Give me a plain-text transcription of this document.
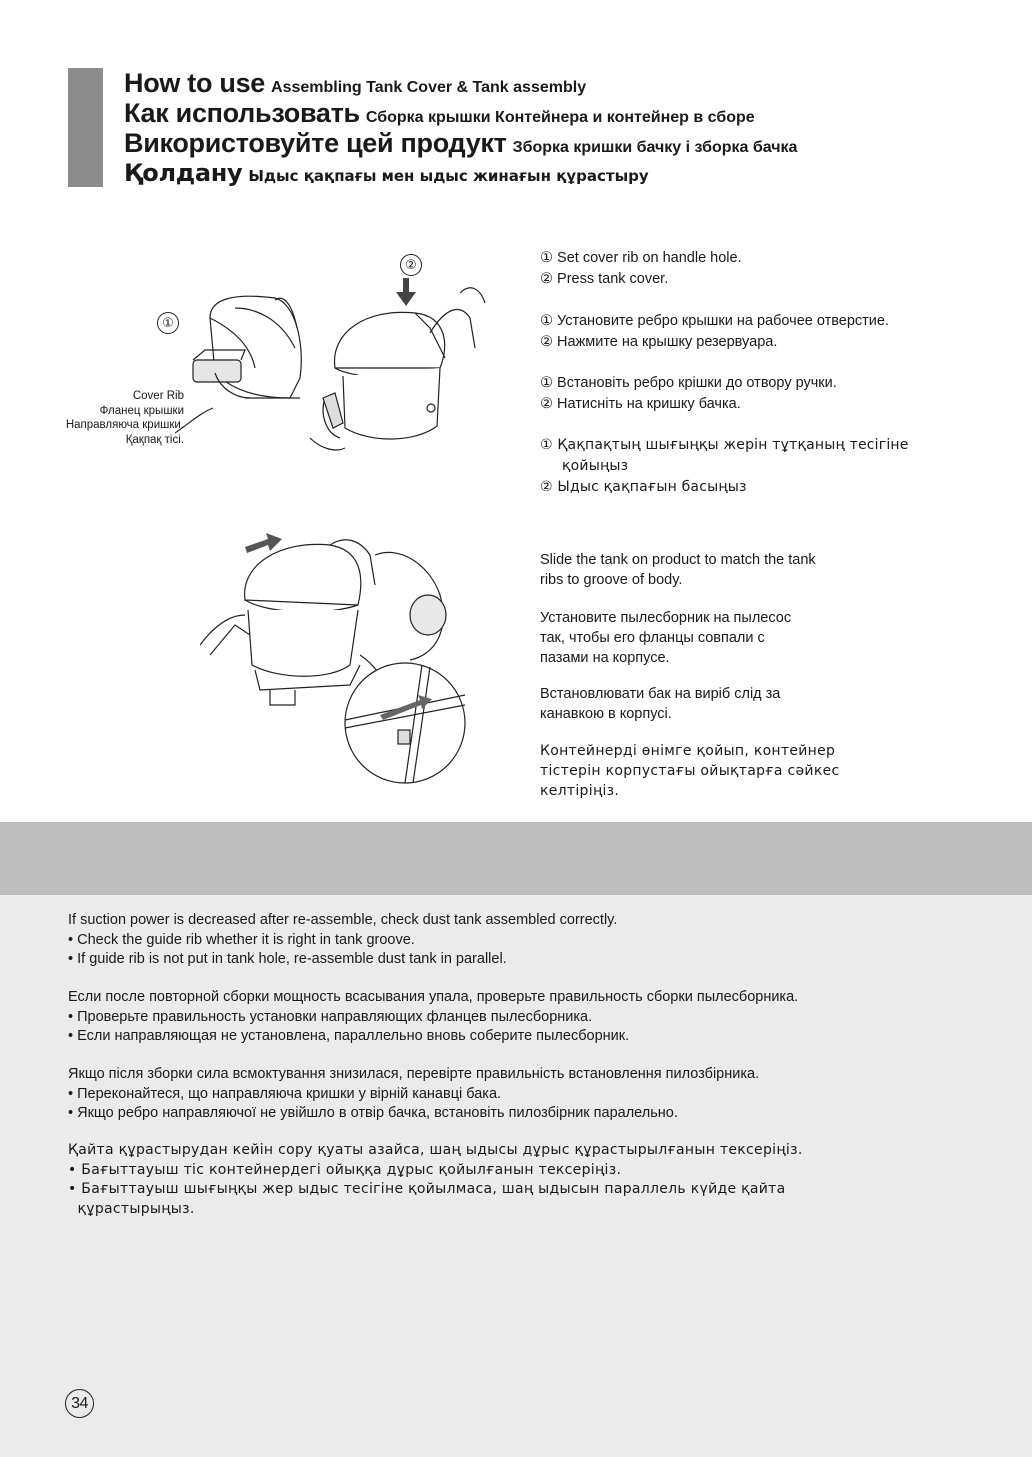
How to use Assembling Tank Cover & Tank assembly
Как использовать Сборка крышки Контейнера и контейнер в сборе
Використовуйте цей продукт Зборка кришки бачку і зборка бачка
Қолдану Ыдыс қақпағы мен ыдыс жинағын құрастыру
①
②
Cover Rib
Фланец крышки
Направляюча кришки.
Қақпақ тісі.
① Set cover rib on handle hole.
② Press tank cover.
① Установите ребро крышки на рабочее отверстие.
② Нажмите на крышку резервуара.
① Встановіть ребро крішки до отвору ручки.
② Натисніть на кришку бачка.
① Қақпақтың шығыңқы жерін тұтқаның тесігіне
қойыңыз
② Ыдыс қақпағын басыңыз
Slide the tank on product to match the tank
ribs to groove of body.
Установите пылесборник на пылесос
так, чтобы его фланцы совпали с
пазами на корпусе.
Встановлювати бак на виріб слід за
канавкою в корпусі.
Контейнерді өнімге қойып, контейнер
тістерін корпустағы ойықтарға сәйкес
келтіріңіз.
If suction power is decreased after re-assemble, check dust tank assembled correctly.
• Check the guide rib whether it is right in tank groove.
• If guide rib is not put in tank hole, re-assemble dust tank in parallel.
Если после повторной сборки мощность всасывания упала, проверьте правильность сборки пылесборника.
• Проверьте правильность установки направляющих фланцев пылесборника.
• Если направляющая не установлена, параллельно вновь соберите пылесборник.
Якщо після зборки сила всмоктування знизилася, перевірте правильність встановлення пилозбірника.
• Переконайтеся, що направляюча кришки у вірній канавці бака.
• Якщо ребро направляючої не увійшло в отвір бачка, встановіть пилозбірник паралельно.
Қайта құрастырудан кейін сору қуаты азайса, шаң ыдысы дұрыс құрастырылғанын тексеріңіз.
• Бағыттауыш тіс контейнердегі ойыққа дұрыс қойылғанын тексеріңіз.
• Бағыттауыш шығыңқы жер ыдыс тесігіне қойылмаса, шаң ыдысын параллель күйде қайта
құрастырыңыз.
34
